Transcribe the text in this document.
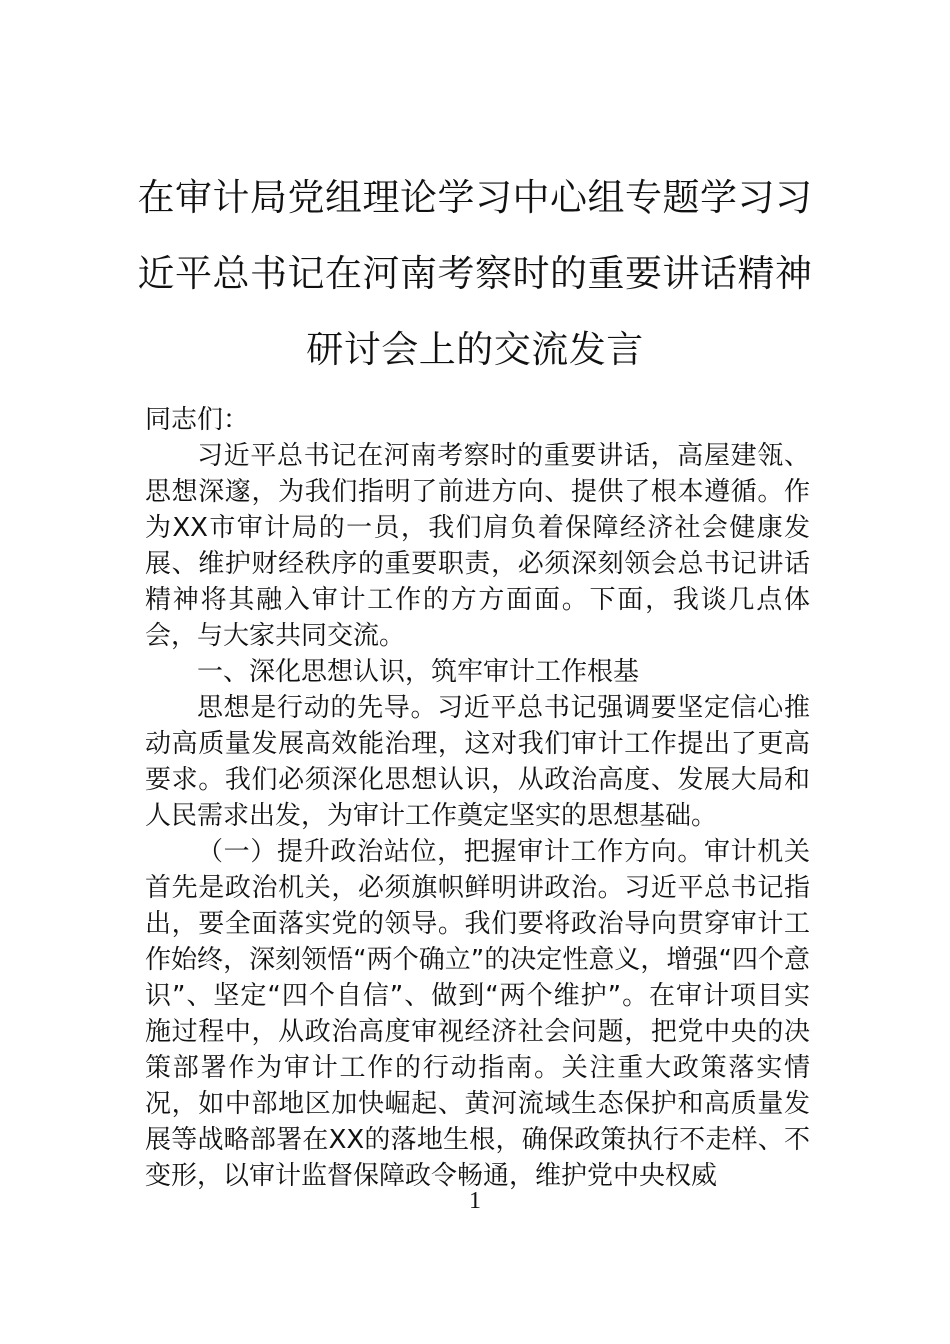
在审计局党组理论学习中心组专题学习习
近平总书记在河南考察时的重要讲话精神
研讨会上的交流发言

同志们：

习近平总书记在河南考察时的重要讲话，高屋建瓴、思想深邃，为我们指明了前进方向、提供了根本遵循。作为XX市审计局的一员，我们肩负着保障经济社会健康发展、维护财经秩序的重要职责，必须深刻领会总书记讲话精神将其融入审计工作的方方面面。下面，我谈几点体会，与大家共同交流。

一、深化思想认识，筑牢审计工作根基

思想是行动的先导。习近平总书记强调要坚定信心推动高质量发展高效能治理，这对我们审计工作提出了更高要求。我们必须深化思想认识，从政治高度、发展大局和人民需求出发，为审计工作奠定坚实的思想基础。

（一）提升政治站位，把握审计工作方向。审计机关首先是政治机关，必须旗帜鲜明讲政治。习近平总书记指出，要全面落实党的领导。我们要将政治导向贯穿审计工作始终，深刻领悟“两个确立”的决定性意义，增强“四个意识”、坚定“四个自信”、做到“两个维护”。在审计项目实施过程中，从政治高度审视经济社会问题，把党中央的决策部署作为审计工作的行动指南。关注重大政策落实情况，如中部地区加快崛起、黄河流域生态保护和高质量发展等战略部署在XX的落地生根，确保政策执行不走样、不变形，以审计监督保障政令畅通，维护党中央权威

1
